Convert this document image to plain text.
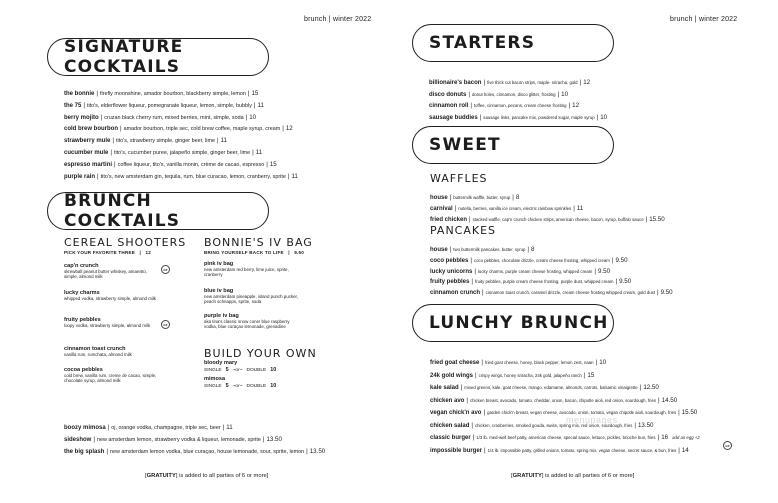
brunch | winter 2022	brunch | winter 2022
SIGNATURE COCKTAILS
the bonnie | firefly moonshine, amador bourbon, blackberry simple, lemon | 15
the 75 | tito's, elderflower liqueur, pomegranate liqueur, lemon, simple, bubbly | 11
berry mojito | cruzan black cherry rum, mixed berries, mint, simple, soda | 10
cold brew bourbon | amador bourbon, triple sec, cold brew coffee, maple syrup, cream | 12
strawberry mule | tito's, strawberry simple, ginger beer, lime | 11
cucumber mule | tito's, cucumber puree, jalapeño simple, ginger beer, lime | 11
espresso martini | coffee liqueur, tito's, vanilla monin, crème de cacao, espresso | 15
purple rain | tito's, new amsterdam gin, tequila, rum, blue curacao, lemon, cranberry, sprite | 11
BRUNCH COCKTAILS
CEREAL SHOOTERS
PICK YOUR FAVORITE THREE | 12
cap'n crunch
skrewball peanut butter whiskey, amaretto, simple, almond milk
lucky charms
whipped vodka, strawberry simple, almond milk
fruity pebbles
loopy vodka, strawberry simple, almond milk
cinnamon toast crunch
vanilla rum, rumchata, almond milk
cocoa pebbles
cold brew, vanilla rum, creme de cacao, simple, chocolate syrup, almond milk
GF
GF
BONNIE'S IV BAG
BRING YOURSELF BACK TO LIFE | 9.50
pink iv bag
new amsterdam red berry, lime juice, sprite, cranberry
blue iv bag
new amsterdam pineapple, island punch pucker, peach schnapps, sprite, soda
purple iv bag
aka tina's classic snow cone! blue raspberry vodka, blue curaçao lemonade, grenadine
BUILD YOUR OWN
bloody mary
SINGLE 5 ~or~ DOUBLE 10
mimosa
SINGLE 5 ~or~ DOUBLE 10
boozy mimosa | oj, orange vodka, champagne, triple sec, beer | 11
sideshow | new amsterdam lemon, strawberry vodka & liqueur, lemonade, sprite | 13.50
the big splash | new amsterdam lemon vodka, blue curaçao, house lemonade, sour, sprite, lemon | 13.50
[GRATUITY] is added to all parties of 6 or more]
STARTERS
billionaire's bacon | five thick cut bacon strips, maple- sriracha, gold | 12
disco donuts | donut holes, cinnamon, disco glitter, frosting | 10
cinnamon roll | toffee, cinnamon, pecans, cream cheese frosting | 12
sausage buddies | sausage links, pancake mix, powdered sugar, maple syrup | 10
SWEET
WAFFLES
house | buttermilk waffle, butter, syrup | 8
carnival | nutella, berries, vanilla ice cream, electric rainbow sprinkles | 11
fried chicken | stacked waffle, cap'n crunch chicken strips, american cheese, bacon, syrup, buffalo sauce | 15.50
PANCAKES
house | two buttermilk pancakes, butter, syrup | 8
coco pebbles | coco pebbles, chocolate drizzle, cream cheese frosting, whipped cream | 9.50
lucky unicorns | lucky charms, purple cream cheese frosting, whipped cream | 9.50
fruity pebbles | fruity pebbles, purple cream cheese frosting, purple dust, whipped cream | 9.50
cinnamon crunch | cinnamon toast crunch, caramel drizzle, cream cheese frosting whipped cream, gold dust | 9.50
LUNCHY BRUNCH
fried goat cheese | fried goat cheese, honey, black pepper, lemon zest, naan | 10
24k gold wings | crispy wings, honey sriracha, 24k gold, jalapeño ranch | 15
kale salad | mixed greens, kale, goat cheese, mango, edamame, almonds, carrots, balsamic vinaigrette | 12.50
chicken avo | chicken breast, avocado, tomato, cheddar, onion, bacon, chipotle aioli, red onion, sourdough, fries | 14.50
vegan chick'n avo | garden chick'n breast, vegan cheese, avocado, onion, tomato, vegan chipotle aioli, sourdough, fries | 15.50
chicken salad | chicken, cranberries, smoked gouda, swiss, spring mix, red onion, sourdough, fries | 13.50
classic burger | 1/3 lb. med-well beef patty, american cheese, special sauce, lettuce, pickles, brioche bun, fries | 16 add an egg +2
impossible burger | 1/4 lb. impossible patty, grilled onions, tomato, spring mix, vegan cheese, secret sauce, & bun, fries | 14
GF
menupages
[GRATUITY] is added to all parties of 6 or more]
